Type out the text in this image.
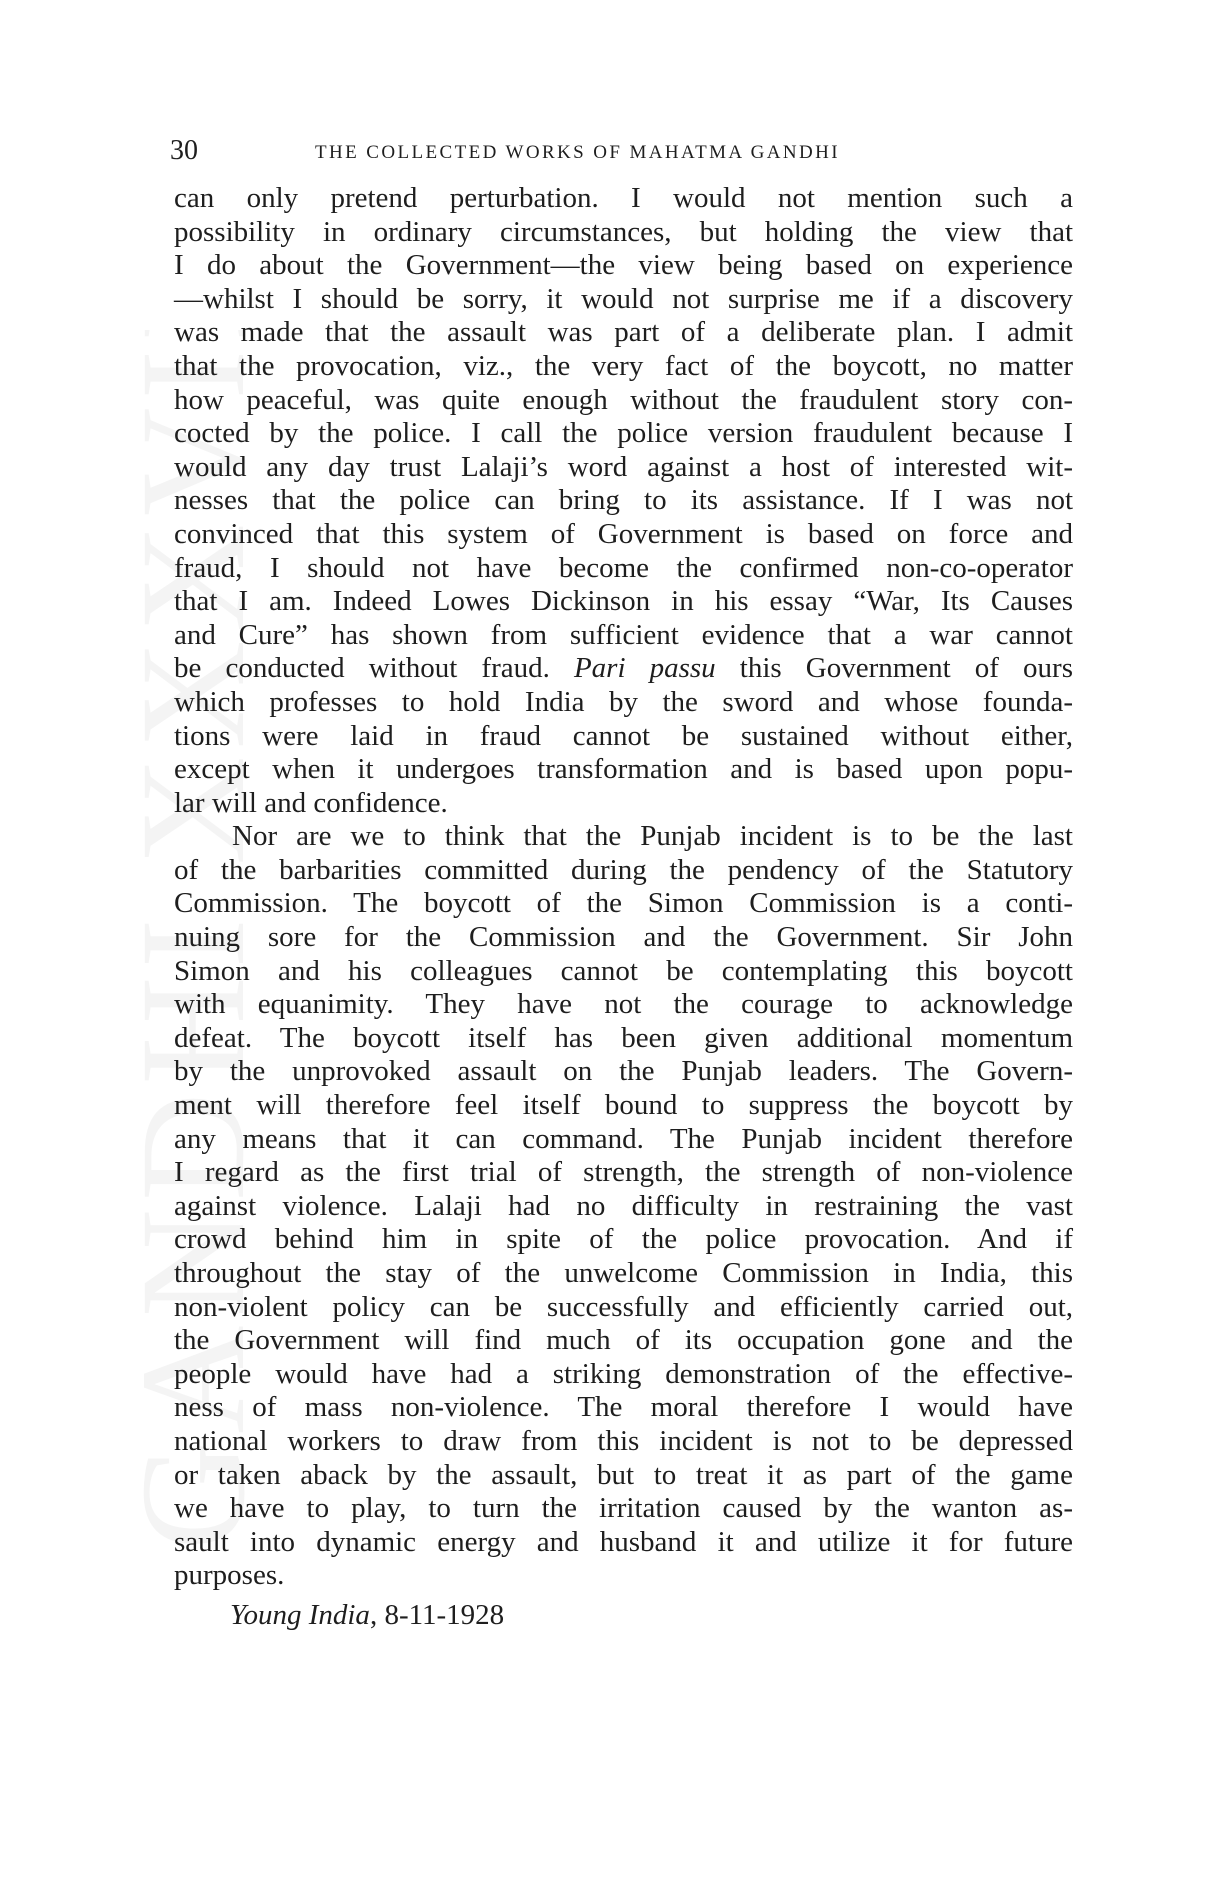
30	THE COLLECTED WORKS OF MAHATMA GANDHI
can only pretend perturbation. I would not mention such a
possibility in ordinary circumstances, but holding the view that
I do about the Government—the view being based on experience
—whilst I should be sorry, it would not surprise me if a discovery
was made that the assault was part of a deliberate plan. I admit
that the provocation, viz., the very fact of the boycott, no matter
how peaceful, was quite enough without the fraudulent story con-
cocted by the police. I call the police version fraudulent because I
would any day trust Lalaji’s word against a host of interested wit-
nesses that the police can bring to its assistance. If I was not
convinced that this system of Government is based on force and
fraud, I should not have become the confirmed non-co-operator
that I am. Indeed Lowes Dickinson in his essay “War, Its Causes
and Cure” has shown from sufficient evidence that a war cannot
be conducted without fraud. Pari passu this Government of ours
which professes to hold India by the sword and whose founda-
tions were laid in fraud cannot be sustained without either,
except when it undergoes transformation and is based upon popu-
lar will and confidence.
Nor are we to think that the Punjab incident is to be the last
of the barbarities committed during the pendency of the Statutory
Commission. The boycott of the Simon Commission is a conti-
nuing sore for the Commission and the Government. Sir John
Simon and his colleagues cannot be contemplating this boycott
with equanimity. They have not the courage to acknowledge
defeat. The boycott itself has been given additional momentum
by the unprovoked assault on the Punjab leaders. The Govern-
ment will therefore feel itself bound to suppress the boycott by
any means that it can command. The Punjab incident therefore
I regard as the first trial of strength, the strength of non-violence
against violence. Lalaji had no difficulty in restraining the vast
crowd behind him in spite of the police provocation. And if
throughout the stay of the unwelcome Commission in India, this
non-violent policy can be successfully and efficiently carried out,
the Government will find much of its occupation gone and the
people would have had a striking demonstration of the effective-
ness of mass non-violence. The moral therefore I would have
national workers to draw from this incident is not to be depressed
or taken aback by the assault, but to treat it as part of the game
we have to play, to turn the irritation caused by the wanton as-
sault into dynamic energy and husband it and utilize it for future
purposes.
Young India, 8-11-1928
